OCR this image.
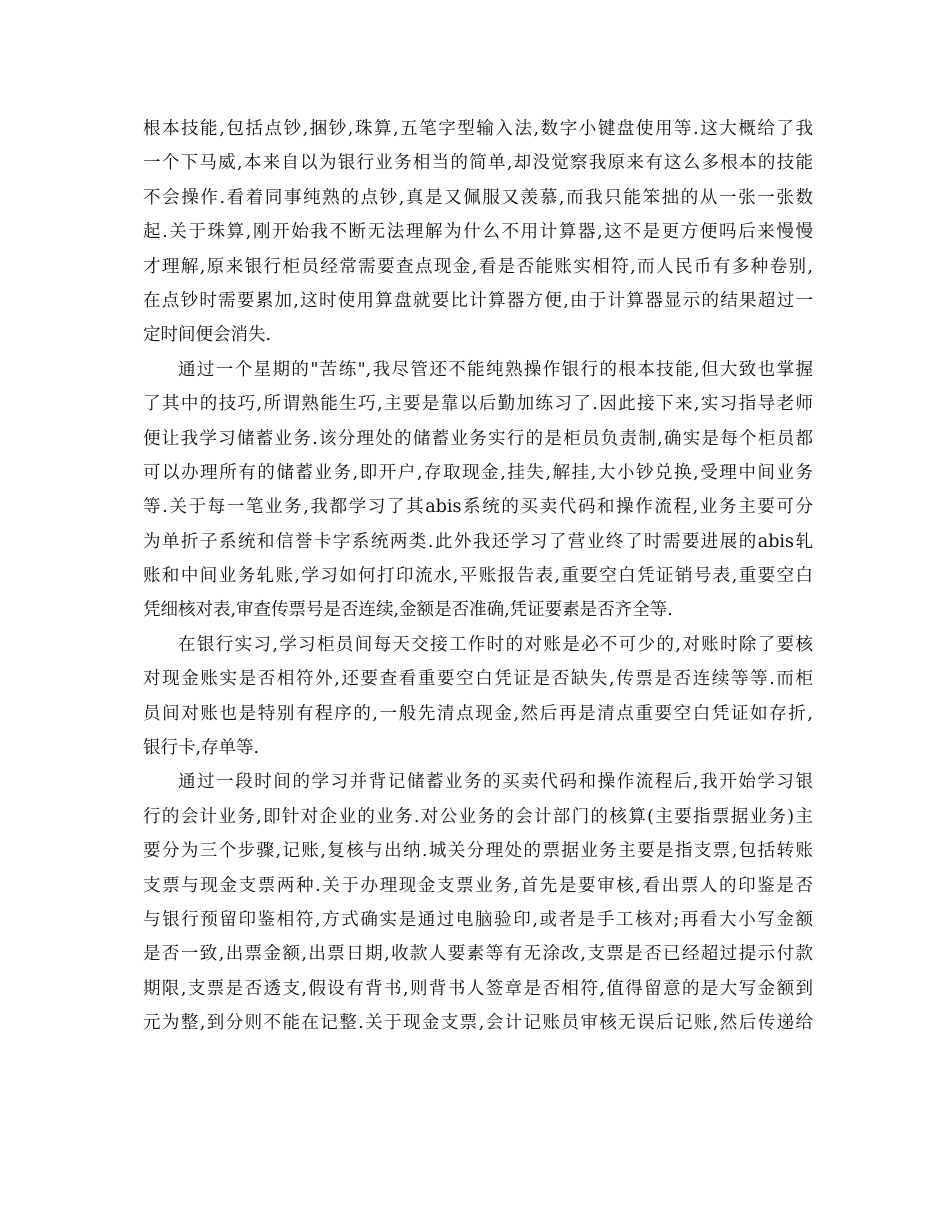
根本技能,包括点钞,捆钞,珠算,五笔字型输入法,数字小键盘使用等.这大概给了我
一个下马威,本来自以为银行业务相当的简单,却没觉察我原来有这么多根本的技能
不会操作.看着同事纯熟的点钞,真是又佩服又羡慕,而我只能笨拙的从一张一张数
起.关于珠算,刚开始我不断无法理解为什么不用计算器,这不是更方便吗后来慢慢
才理解,原来银行柜员经常需要查点现金,看是否能账实相符,而人民币有多种卷别,
在点钞时需要累加,这时使用算盘就要比计算器方便,由于计算器显示的结果超过一
定时间便会消失.
通过一个星期的"苦练",我尽管还不能纯熟操作银行的根本技能,但大致也掌握
了其中的技巧,所谓熟能生巧,主要是靠以后勤加练习了.因此接下来,实习指导老师
便让我学习储蓄业务.该分理处的储蓄业务实行的是柜员负责制,确实是每个柜员都
可以办理所有的储蓄业务,即开户,存取现金,挂失,解挂,大小钞兑换,受理中间业务
等.关于每一笔业务,我都学习了其abis系统的买卖代码和操作流程,业务主要可分
为单折子系统和信誉卡字系统两类.此外我还学习了营业终了时需要进展的abis轧
账和中间业务轧账,学习如何打印流水,平账报告表,重要空白凭证销号表,重要空白
凭细核对表,审查传票号是否连续,金额是否准确,凭证要素是否齐全等.
在银行实习,学习柜员间每天交接工作时的对账是必不可少的,对账时除了要核
对现金账实是否相符外,还要查看重要空白凭证是否缺失,传票是否连续等等.而柜
员间对账也是特别有程序的,一般先清点现金,然后再是清点重要空白凭证如存折,
银行卡,存单等.
通过一段时间的学习并背记储蓄业务的买卖代码和操作流程后,我开始学习银
行的会计业务,即针对企业的业务.对公业务的会计部门的核算(主要指票据业务)主
要分为三个步骤,记账,复核与出纳.城关分理处的票据业务主要是指支票,包括转账
支票与现金支票两种.关于办理现金支票业务,首先是要审核,看出票人的印鉴是否
与银行预留印鉴相符,方式确实是通过电脑验印,或者是手工核对;再看大小写金额
是否一致,出票金额,出票日期,收款人要素等有无涂改,支票是否已经超过提示付款
期限,支票是否透支,假设有背书,则背书人签章是否相符,值得留意的是大写金额到
元为整,到分则不能在记整.关于现金支票,会计记账员审核无误后记账,然后传递给
